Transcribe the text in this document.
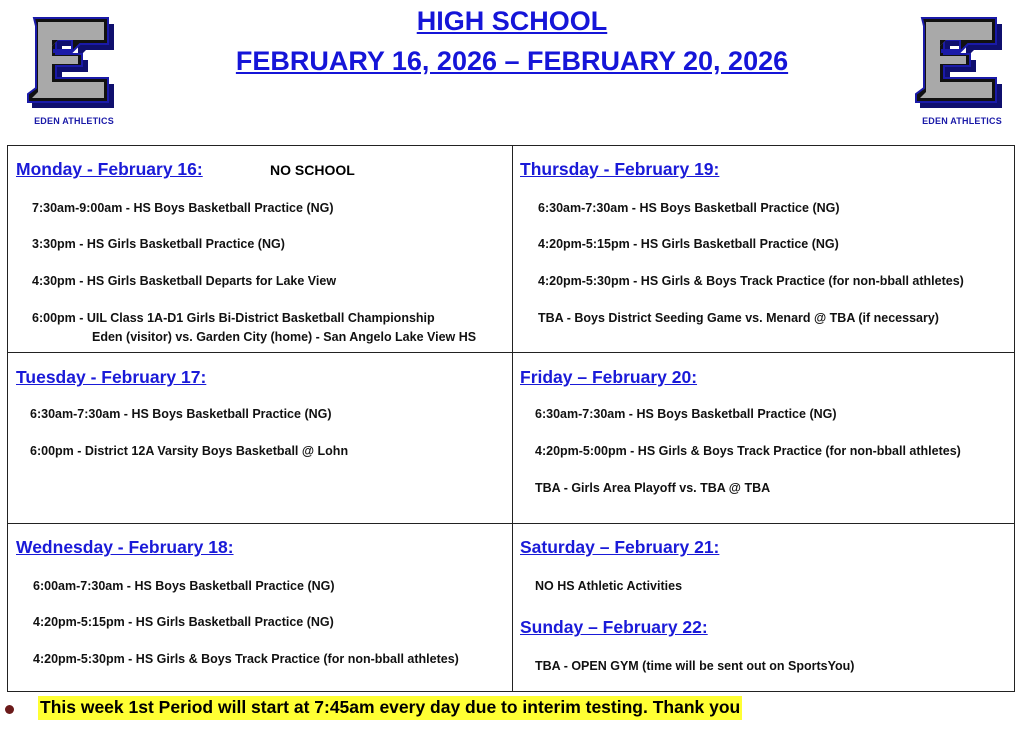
EDEN ATHLETICS	EDEN ATHLETICS
HIGH SCHOOL
FEBRUARY 16, 2026 – FEBRUARY 20, 2026
Monday - February 16:	NO SCHOOL
7:30am-9:00am - HS Boys Basketball Practice (NG)
3:30pm - HS Girls Basketball Practice (NG)
4:30pm - HS Girls Basketball Departs for Lake View
6:00pm - UIL Class 1A-D1 Girls Bi-District Basketball Championship
Eden (visitor) vs. Garden City (home) - San Angelo Lake View HS
Thursday - February 19:
6:30am-7:30am - HS Boys Basketball Practice (NG)
4:20pm-5:15pm - HS Girls Basketball Practice (NG)
4:20pm-5:30pm - HS Girls & Boys Track Practice (for non-bball athletes)
TBA - Boys District Seeding Game vs. Menard @ TBA (if necessary)
Tuesday - February 17:
6:30am-7:30am - HS Boys Basketball Practice (NG)
6:00pm - District 12A Varsity Boys Basketball @ Lohn
Friday – February 20:
6:30am-7:30am - HS Boys Basketball Practice (NG)
4:20pm-5:00pm - HS Girls & Boys Track Practice (for non-bball athletes)
TBA - Girls Area Playoff vs. TBA @ TBA
Wednesday - February 18:
6:00am-7:30am - HS Boys Basketball Practice (NG)
4:20pm-5:15pm - HS Girls Basketball Practice (NG)
4:20pm-5:30pm - HS Girls & Boys Track Practice (for non-bball athletes)
Saturday – February 21:
NO HS Athletic Activities
Sunday – February 22:
TBA - OPEN GYM (time will be sent out on SportsYou)
This week 1st Period will start at 7:45am every day due to interim testing. Thank you
